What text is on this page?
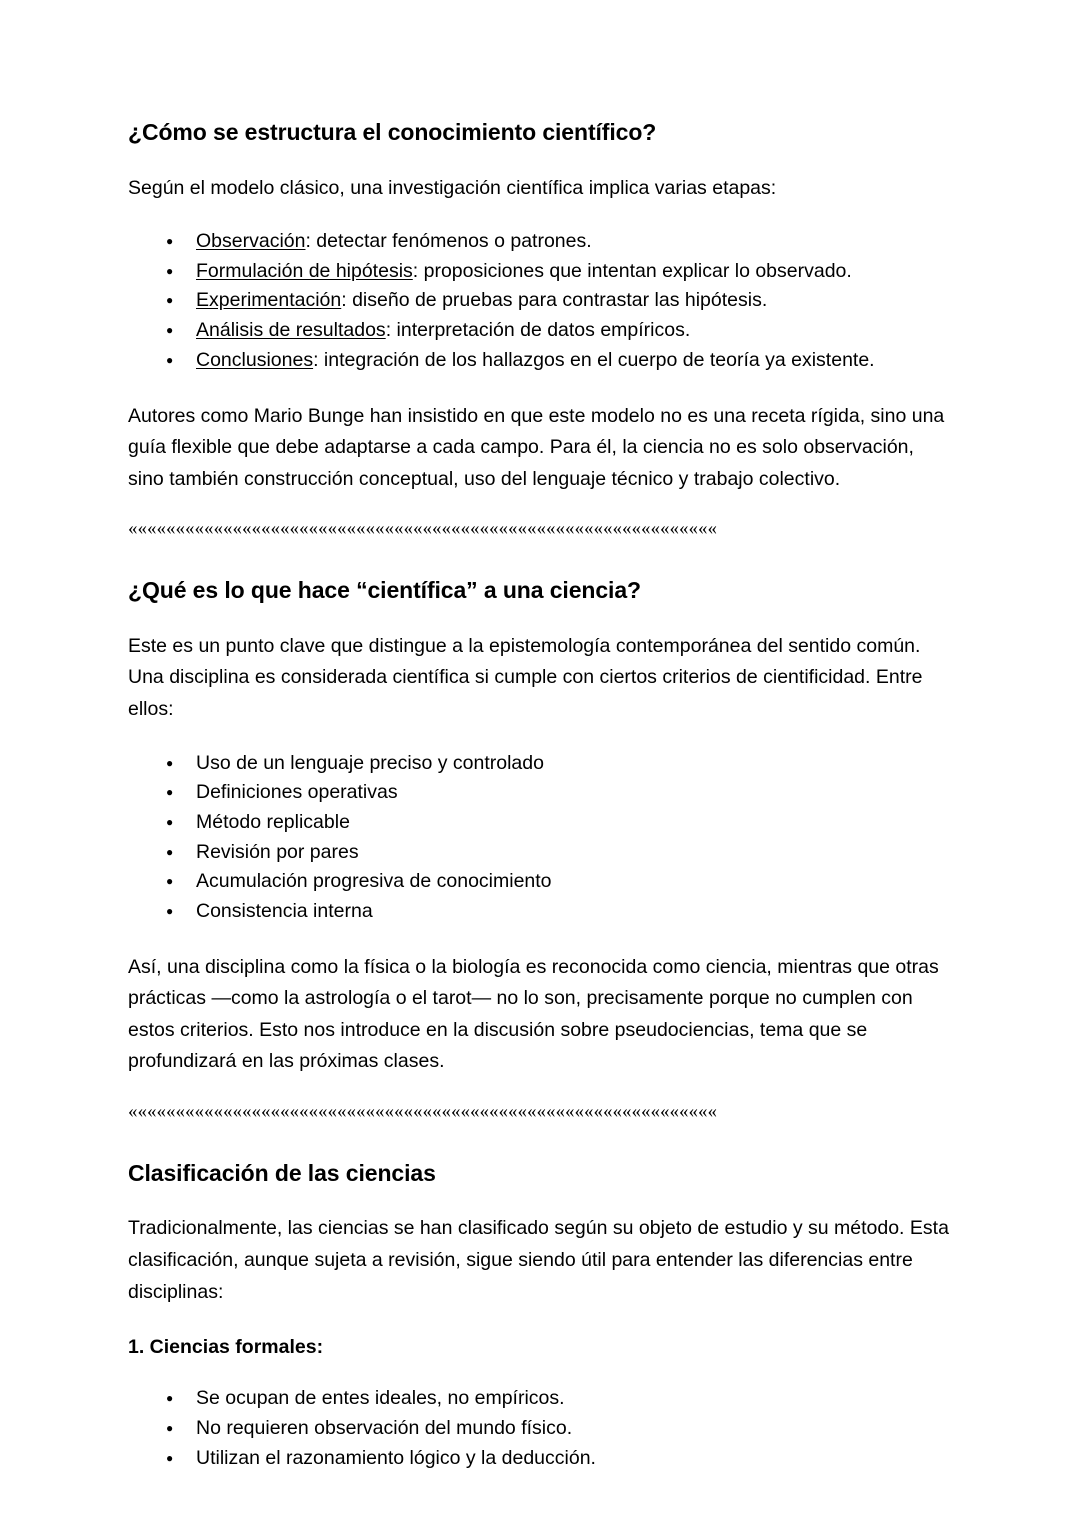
¿Cómo se estructura el conocimiento científico?

Según el modelo clásico, una investigación científica implica varias etapas:

● Observación: detectar fenómenos o patrones.
● Formulación de hipótesis: proposiciones que intentan explicar lo observado.
● Experimentación: diseño de pruebas para contrastar las hipótesis.
● Análisis de resultados: interpretación de datos empíricos.
● Conclusiones: integración de los hallazgos en el cuerpo de teoría ya existente.

Autores como Mario Bunge han insistido en que este modelo no es una receta rígida, sino una guía flexible que debe adaptarse a cada campo. Para él, la ciencia no es solo observación, sino también construcción conceptual, uso del lenguaje técnico y trabajo colectivo.

««««««««««««««««««««««««««««««««««««««««««««««««««««««««««««««
¿Qué es lo que hace “científica” a una ciencia?

Este es un punto clave que distingue a la epistemología contemporánea del sentido común. Una disciplina es considerada científica si cumple con ciertos criterios de cientificidad. Entre ellos:

● Uso de un lenguaje preciso y controlado
● Definiciones operativas
● Método replicable
● Revisión por pares
● Acumulación progresiva de conocimiento
● Consistencia interna

Así, una disciplina como la física o la biología es reconocida como ciencia, mientras que otras prácticas —como la astrología o el tarot— no lo son, precisamente porque no cumplen con estos criterios. Esto nos introduce en la discusión sobre pseudociencias, tema que se profundizará en las próximas clases.

««««««««««««««««««««««««««««««««««««««««««««««««««««««««««««««
Clasificación de las ciencias

Tradicionalmente, las ciencias se han clasificado según su objeto de estudio y su método. Esta clasificación, aunque sujeta a revisión, sigue siendo útil para entender las diferencias entre disciplinas:

1. Ciencias formales:

● Se ocupan de entes ideales, no empíricos.
● No requieren observación del mundo físico.
● Utilizan el razonamiento lógico y la deducción.
